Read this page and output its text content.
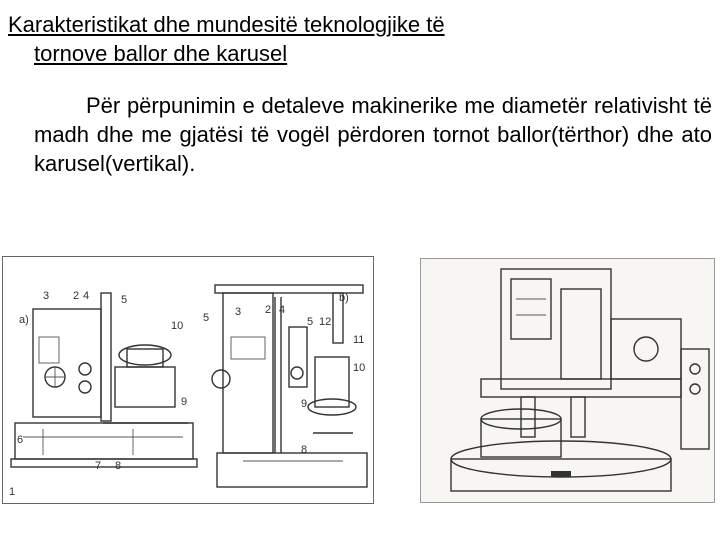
Karakteristikat dhe mundesitë teknologjike të
tornove ballor dhe karusel
Për përpunimin e detaleve makinerike me diametër relativisht të madh dhe me gjatësi të vogël përdoren tornot ballor(tërthor) dhe ato karusel(vertikal).
a)
3 2 4	5
10
9
6
7 8
1
b)
5 3 2 4
5 12
11
10
9
8
